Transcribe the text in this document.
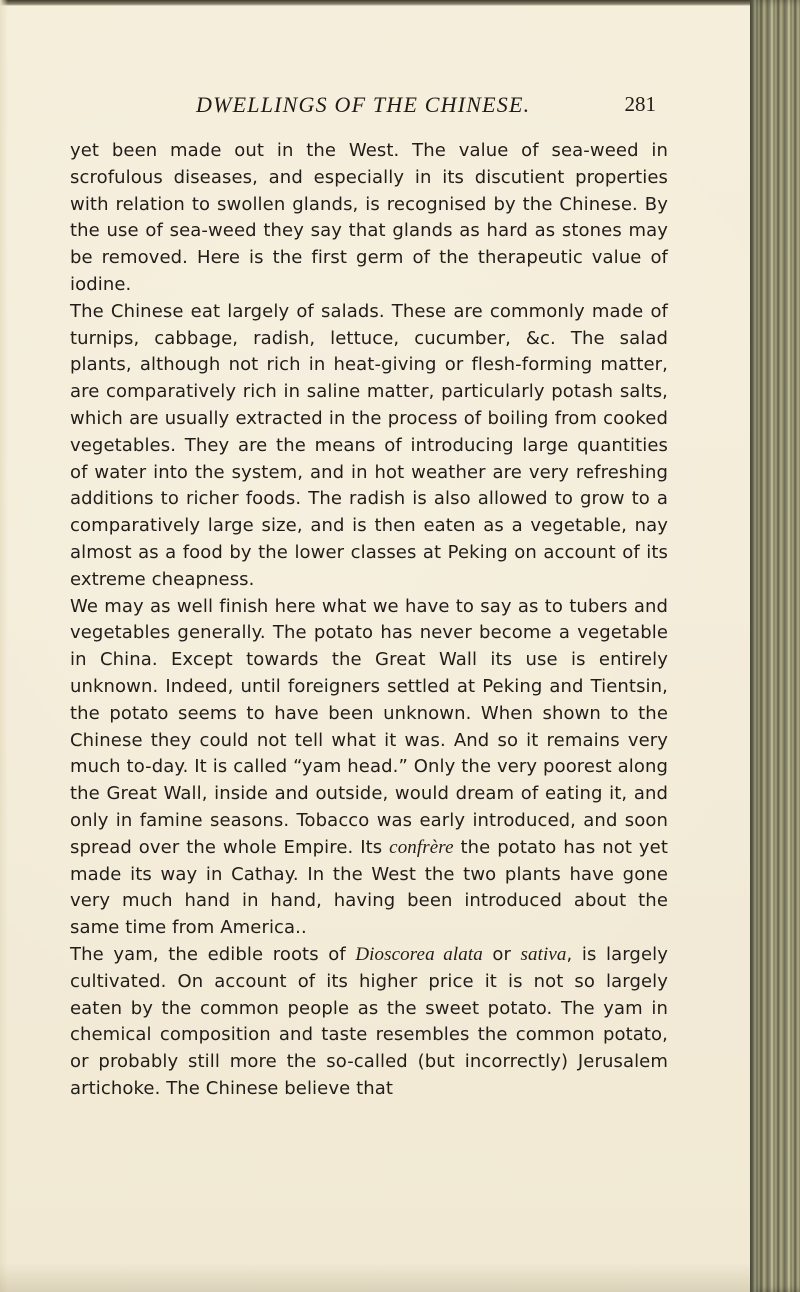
DWELLINGS OF THE CHINESE.	281

yet been made out in the West. The value of sea-weed in scrofulous diseases, and especially in its discutient properties with relation to swollen glands, is recognised by the Chinese. By the use of sea-weed they say that glands as hard as stones may be removed. Here is the first germ of the therapeutic value of iodine.

The Chinese eat largely of salads. These are commonly made of turnips, cabbage, radish, lettuce, cucumber, &c. The salad plants, although not rich in heat-giving or flesh-forming matter, are comparatively rich in saline matter, particularly potash salts, which are usually extracted in the process of boiling from cooked vegetables. They are the means of introducing large quantities of water into the system, and in hot weather are very refreshing additions to richer foods. The radish is also allowed to grow to a comparatively large size, and is then eaten as a vegetable, nay almost as a food by the lower classes at Peking on account of its extreme cheapness.

We may as well finish here what we have to say as to tubers and vegetables generally. The potato has never become a vegetable in China. Except towards the Great Wall its use is entirely unknown. Indeed, until foreigners settled at Peking and Tientsin, the potato seems to have been unknown. When shown to the Chinese they could not tell what it was. And so it remains very much to-day. It is called “yam head.” Only the very poorest along the Great Wall, inside and outside, would dream of eating it, and only in famine seasons. Tobacco was early introduced, and soon spread over the whole Empire. Its confrère the potato has not yet made its way in Cathay. In the West the two plants have gone very much hand in hand, having been introduced about the same time from America..

The yam, the edible roots of Dioscorea alata or sativa, is largely cultivated. On account of its higher price it is not so largely eaten by the common people as the sweet potato. The yam in chemical composition and taste resembles the common potato, or probably still more the so-called (but incorrectly) Jerusalem artichoke. The Chinese believe that
